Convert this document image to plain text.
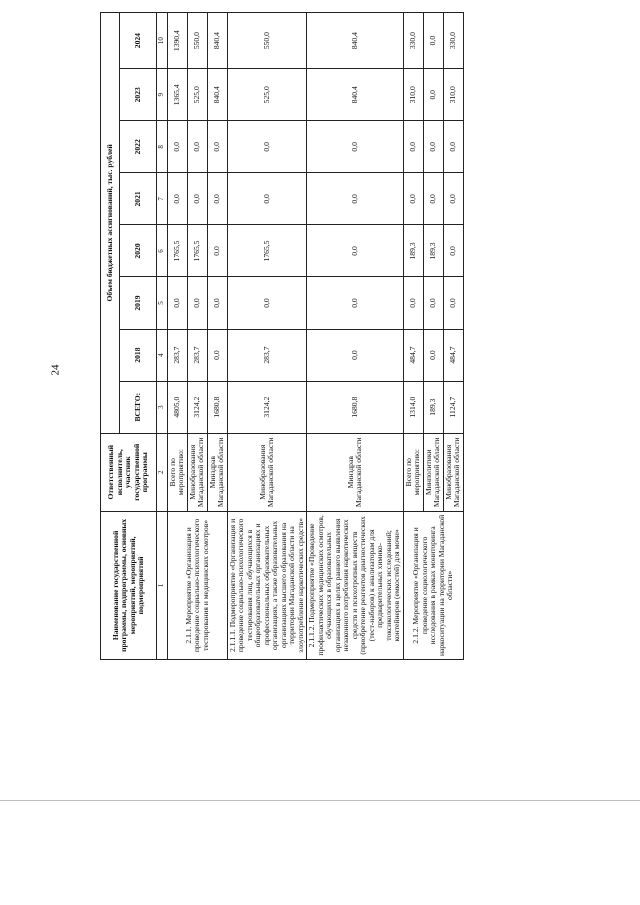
24
Наименование государственной программы, подпрограммы, основных мероприятий, мероприятий, подмероприятий	Ответственный исполнитель, участник государственной программы	Объем бюджетных ассигнований, тыс. рублей							
		ВСЕГО:	2018	2019	2020	2021	2022	2023	2024
1	2	3	4	5	6	7	8	9	10
2.1.1. Мероприятие «Организация и проведение социально-психологического тестирования и медицинских осмотров»	Всего по мероприятию:	4805,0	283,7	0,0	1765,5	0,0	0,0	1365,4	1390,4
	Минобразования Магаданской области	3124,2	283,7	0,0	1765,5	0,0	0,0	525,0	550,0
	Минздрав Магаданской области	1680,8	0,0	0,0	0,0	0,0	0,0	840,4	840,4
2.1.1.1. Подмероприятие «Организация и проведение социально-психологического тестирования лиц, обучающихся в общеобразовательных организациях и профессиональных образовательных организациях, а также образовательных организациях высшего образования на территории Магаданской области на злоупотребление наркотических средств»	Минобразования Магаданской области	3124,2	283,7	0,0	1765,5	0,0	0,0	525,0	550,0
2.1.1.2. Подмероприятие «Проведение профилактических медицинских осмотров, обучающихся в образовательных организациях в целях раннего выявления незаконного потребления наркотических средств и психотропных веществ (приобретение реагентов диагностических (тест-наборов) к анализаторам для предварительных химико-токсикологических исследований; контейнеров (емкостей) для мочи»	Минздрав Магаданской области	1680,8	0,0	0,0	0,0	0,0	0,0	840,4	840,4
2.1.2. Мероприятие «Организация и проведение социологического исследования в рамках мониторинга наркоситуации на территории Магаданской области»	Всего по мероприятию:	1314,0	484,7	0,0	189,3	0,0	0,0	310,0	330,0
	Минполитики Магаданской области	189,3	0,0	0,0	189,3	0,0	0,0	0,0	0,0
	Минобразования Магаданской области	1124,7	484,7	0,0	0,0	0,0	0,0	310,0	330,0
